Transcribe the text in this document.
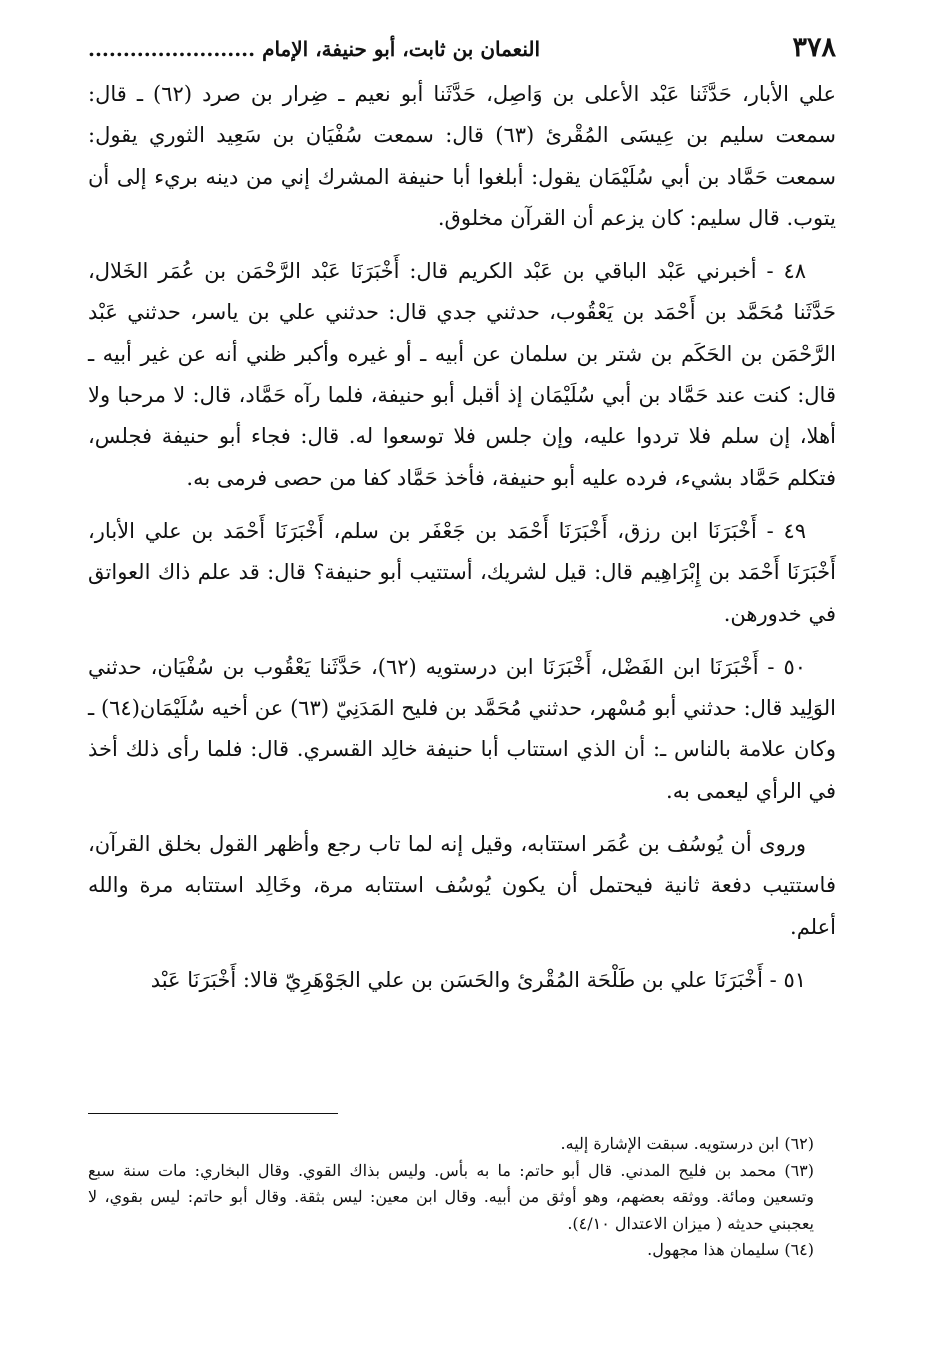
٣٧٨
النعمان بن ثابت، أبو حنيفة، الإمام ........................

علي الأبار، حَدَّثَنا عَبْد الأعلى بن وَاصِل، حَدَّثَنا أبو نعيم ـ ضِرار بن صرد (٦٢) ـ قال: سمعت سليم بن عِيسَى المُقْرئ (٦٣) قال: سمعت سُفْيَان بن سَعِيد الثوري يقول: سمعت حَمَّاد بن أبي سُلَيْمَان يقول: أبلغوا أبا حنيفة المشرك إني من دينه بريء إلى أن يتوب. قال سليم: كان يزعم أن القرآن مخلوق.

٤٨ - أخبرني عَبْد الباقي بن عَبْد الكريم قال: أَخْبَرَنَا عَبْد الرَّحْمَن بن عُمَر الخَلال، حَدَّثَنا مُحَمَّد بن أَحْمَد بن يَعْقُوب، حدثني جدي قال: حدثني علي بن ياسر، حدثني عَبْد الرَّحْمَن بن الحَكَم بن شتر بن سلمان عن أبيه ـ أو غيره وأكبر ظني أنه عن غير أبيه ـ قال: كنت عند حَمَّاد بن أبي سُلَيْمَان إذ أقبل أبو حنيفة، فلما رآه حَمَّاد، قال: لا مرحبا ولا أهلا، إن سلم فلا تردوا عليه، وإن جلس فلا توسعوا له. قال: فجاء أبو حنيفة فجلس، فتكلم حَمَّاد بشيء، فرده عليه أبو حنيفة، فأخذ حَمَّاد كفا من حصى فرمى به.

٤٩ - أَخْبَرَنَا ابن رزق، أَخْبَرَنَا أَحْمَد بن جَعْفَر بن سلم، أَخْبَرَنَا أَحْمَد بن علي الأبار، أَخْبَرَنَا أَحْمَد بن إِبْرَاهِيم قال: قيل لشريك، أستتيب أبو حنيفة؟ قال: قد علم ذاك العواتق في خدورهن.

٥٠ - أَخْبَرَنَا ابن الفَضْل، أَخْبَرَنَا ابن درستويه (٦٢)، حَدَّثَنا يَعْقُوب بن سُفْيَان، حدثني الوَلِيد قال: حدثني أبو مُسْهر، حدثني مُحَمَّد بن فليح المَدَنِيّ (٦٣) عن أخيه سُلَيْمَان(٦٤) ـ وكان علامة بالناس ـ: أن الذي استتاب أبا حنيفة خالِد القسري. قال: فلما رأى ذلك أخذ في الرأي ليعمى به.

وروى أن يُوسُف بن عُمَر استتابه، وقيل إنه لما تاب رجع وأظهر القول بخلق القرآن، فاستتيب دفعة ثانية فيحتمل أن يكون يُوسُف استتابه مرة، وخَالِد استتابه مرة والله أعلم.

٥١ - أَخْبَرَنَا علي بن طَلْحَة المُقْرئ والحَسَن بن علي الجَوْهَرِيّ قالا: أَخْبَرَنَا عَبْد

(٦٢) ابن درستويه. سبقت الإشارة إليه.

(٦٣) محمد بن فليح المدني. قال أبو حاتم: ما به بأس. وليس بذاك القوي. وقال البخاري: مات سنة سبع وتسعين ومائة. ووثقه بعضهم، وهو أوثق من أبيه. وقال ابن معين: ليس بثقة. وقال أبو حاتم: ليس بقوي، لا يعجبني حديثه ( ميزان الاعتدال ٤/١٠).

(٦٤) سليمان هذا مجهول.
